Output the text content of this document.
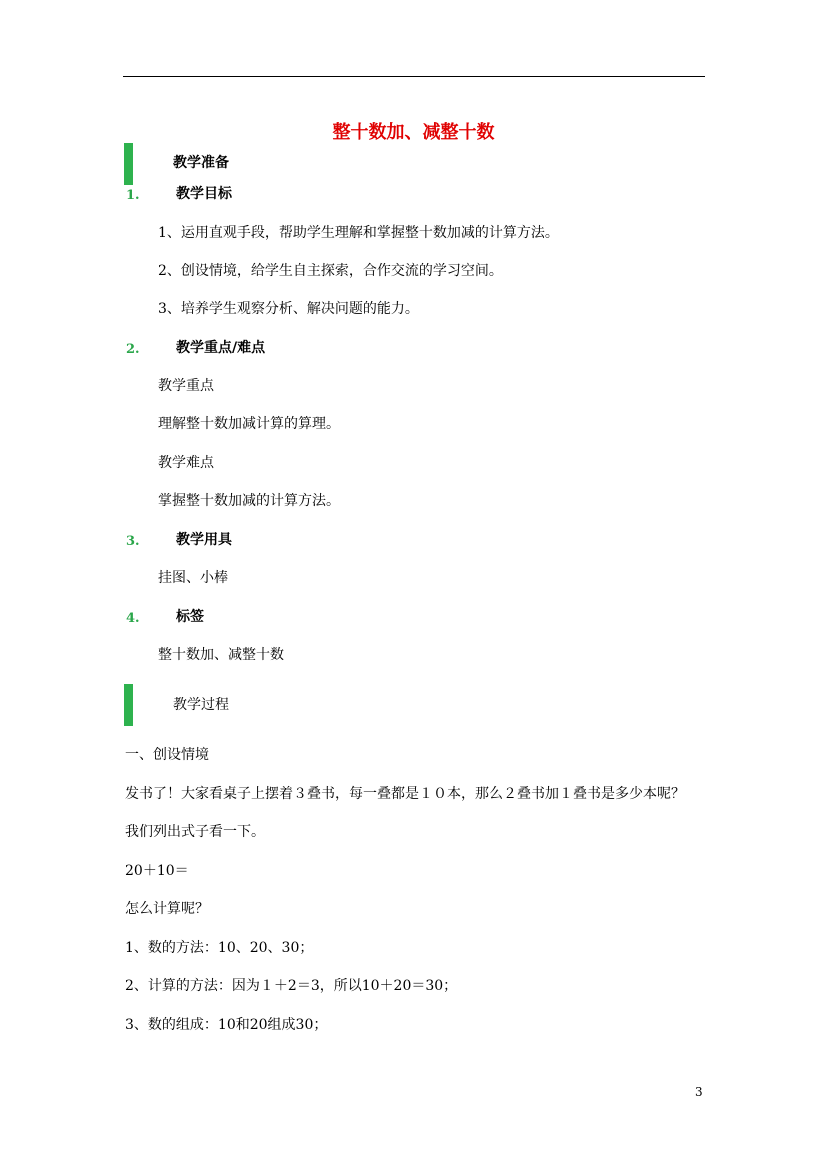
整十数加、减整十数
教学准备
1.	教学目标
1、运用直观手段，帮助学生理解和掌握整十数加减的计算方法。
2、创设情境，给学生自主探索，合作交流的学习空间。
3、培养学生观察分析、解决问题的能力。
2.	教学重点/难点
教学重点
理解整十数加减计算的算理。
教学难点
掌握整十数加减的计算方法。
3.	教学用具
挂图、小棒
4.	标签
整十数加、减整十数
教学过程
一、创设情境
发书了！大家看桌子上摆着３叠书，每一叠都是１０本，那么２叠书加１叠书是多少本呢？
我们列出式子看一下。
20＋10＝
怎么计算呢？
1、数的方法：10、20、30；
2、计算的方法：因为１＋2＝3，所以10＋20＝30；
3、数的组成：10和20组成30；
3
